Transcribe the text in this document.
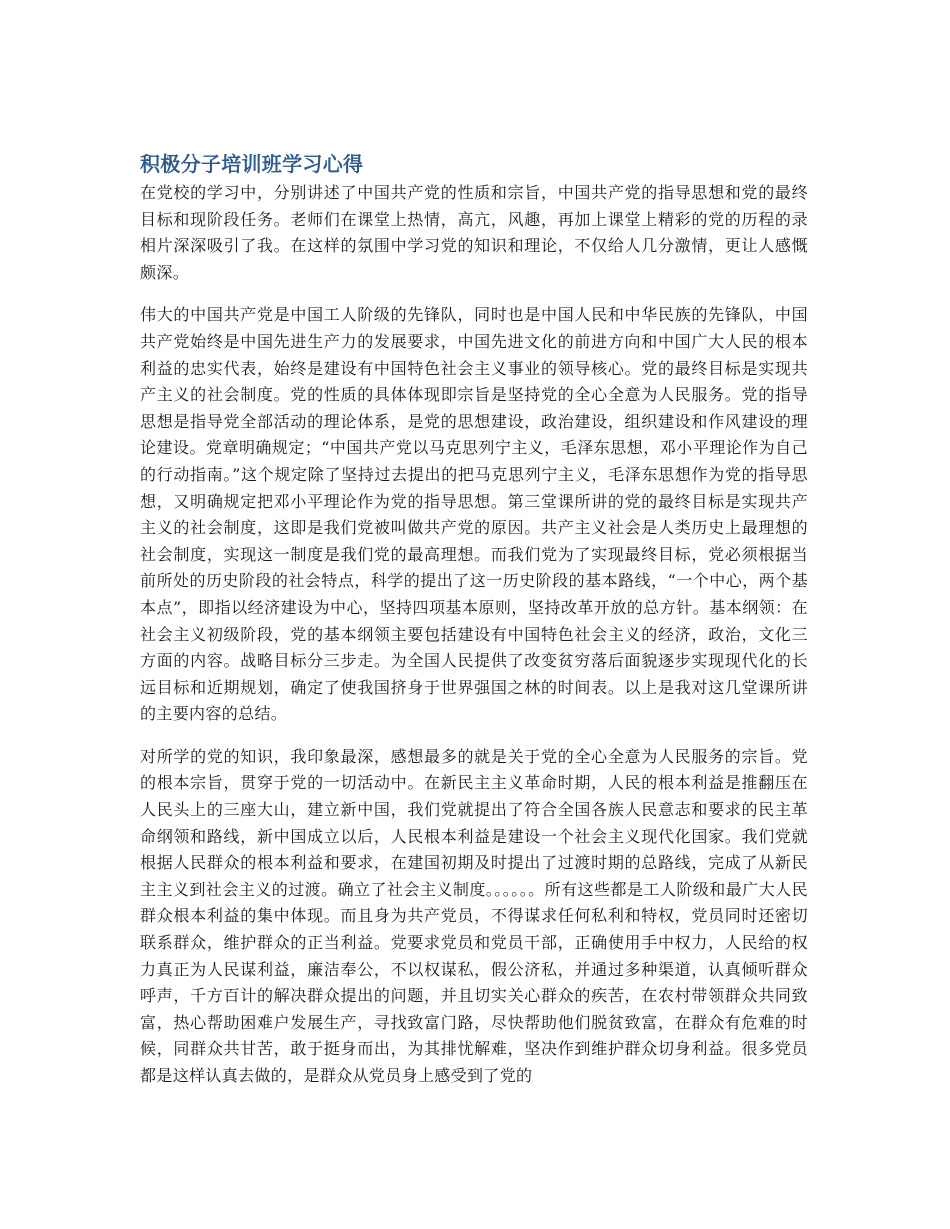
积极分子培训班学习心得

在党校的学习中，分别讲述了中国共产党的性质和宗旨，中国共产党的指导思想和党的最终目标和现阶段任务。老师们在课堂上热情，高亢，风趣，再加上课堂上精彩的党的历程的录相片深深吸引了我。在这样的氛围中学习党的知识和理论，不仅给人几分激情，更让人感慨颇深。

伟大的中国共产党是中国工人阶级的先锋队，同时也是中国人民和中华民族的先锋队，中国共产党始终是中国先进生产力的发展要求，中国先进文化的前进方向和中国广大人民的根本利益的忠实代表，始终是建设有中国特色社会主义事业的领导核心。党的最终目标是实现共产主义的社会制度。党的性质的具体体现即宗旨是坚持党的全心全意为人民服务。党的指导思想是指导党全部活动的理论体系，是党的思想建设，政治建设，组织建设和作风建设的理论建设。党章明确规定；“中国共产党以马克思列宁主义，毛泽东思想，邓小平理论作为自己的行动指南。”这个规定除了坚持过去提出的把马克思列宁主义，毛泽东思想作为党的指导思想，又明确规定把邓小平理论作为党的指导思想。第三堂课所讲的党的最终目标是实现共产主义的社会制度，这即是我们党被叫做共产党的原因。共产主义社会是人类历史上最理想的社会制度，实现这一制度是我们党的最高理想。而我们党为了实现最终目标，党必须根据当前所处的历史阶段的社会特点，科学的提出了这一历史阶段的基本路线，“一个中心，两个基本点”，即指以经济建设为中心，坚持四项基本原则，坚持改革开放的总方针。基本纲领：在社会主义初级阶段，党的基本纲领主要包括建设有中国特色社会主义的经济，政治，文化三方面的内容。战略目标分三步走。为全国人民提供了改变贫穷落后面貌逐步实现现代化的长远目标和近期规划，确定了使我国挤身于世界强国之林的时间表。以上是我对这几堂课所讲的主要内容的总结。

对所学的党的知识，我印象最深，感想最多的就是关于党的全心全意为人民服务的宗旨。党的根本宗旨，贯穿于党的一切活动中。在新民主主义革命时期，人民的根本利益是推翻压在人民头上的三座大山，建立新中国，我们党就提出了符合全国各族人民意志和要求的民主革命纲领和路线，新中国成立以后，人民根本利益是建设一个社会主义现代化国家。我们党就根据人民群众的根本利益和要求，在建国初期及时提出了过渡时期的总路线，完成了从新民主主义到社会主义的过渡。确立了社会主义制度。。。。。。所有这些都是工人阶级和最广大人民群众根本利益的集中体现。而且身为共产党员，不得谋求任何私利和特权，党员同时还密切联系群众，维护群众的正当利益。党要求党员和党员干部，正确使用手中权力，人民给的权力真正为人民谋利益，廉洁奉公，不以权谋私，假公济私，并通过多种渠道，认真倾听群众呼声，千方百计的解决群众提出的问题，并且切实关心群众的疾苦，在农村带领群众共同致富，热心帮助困难户发展生产，寻找致富门路，尽快帮助他们脱贫致富，在群众有危难的时候，同群众共甘苦，敢于挺身而出，为其排忧解难，坚决作到维护群众切身利益。很多党员都是这样认真去做的，是群众从党员身上感受到了党的
